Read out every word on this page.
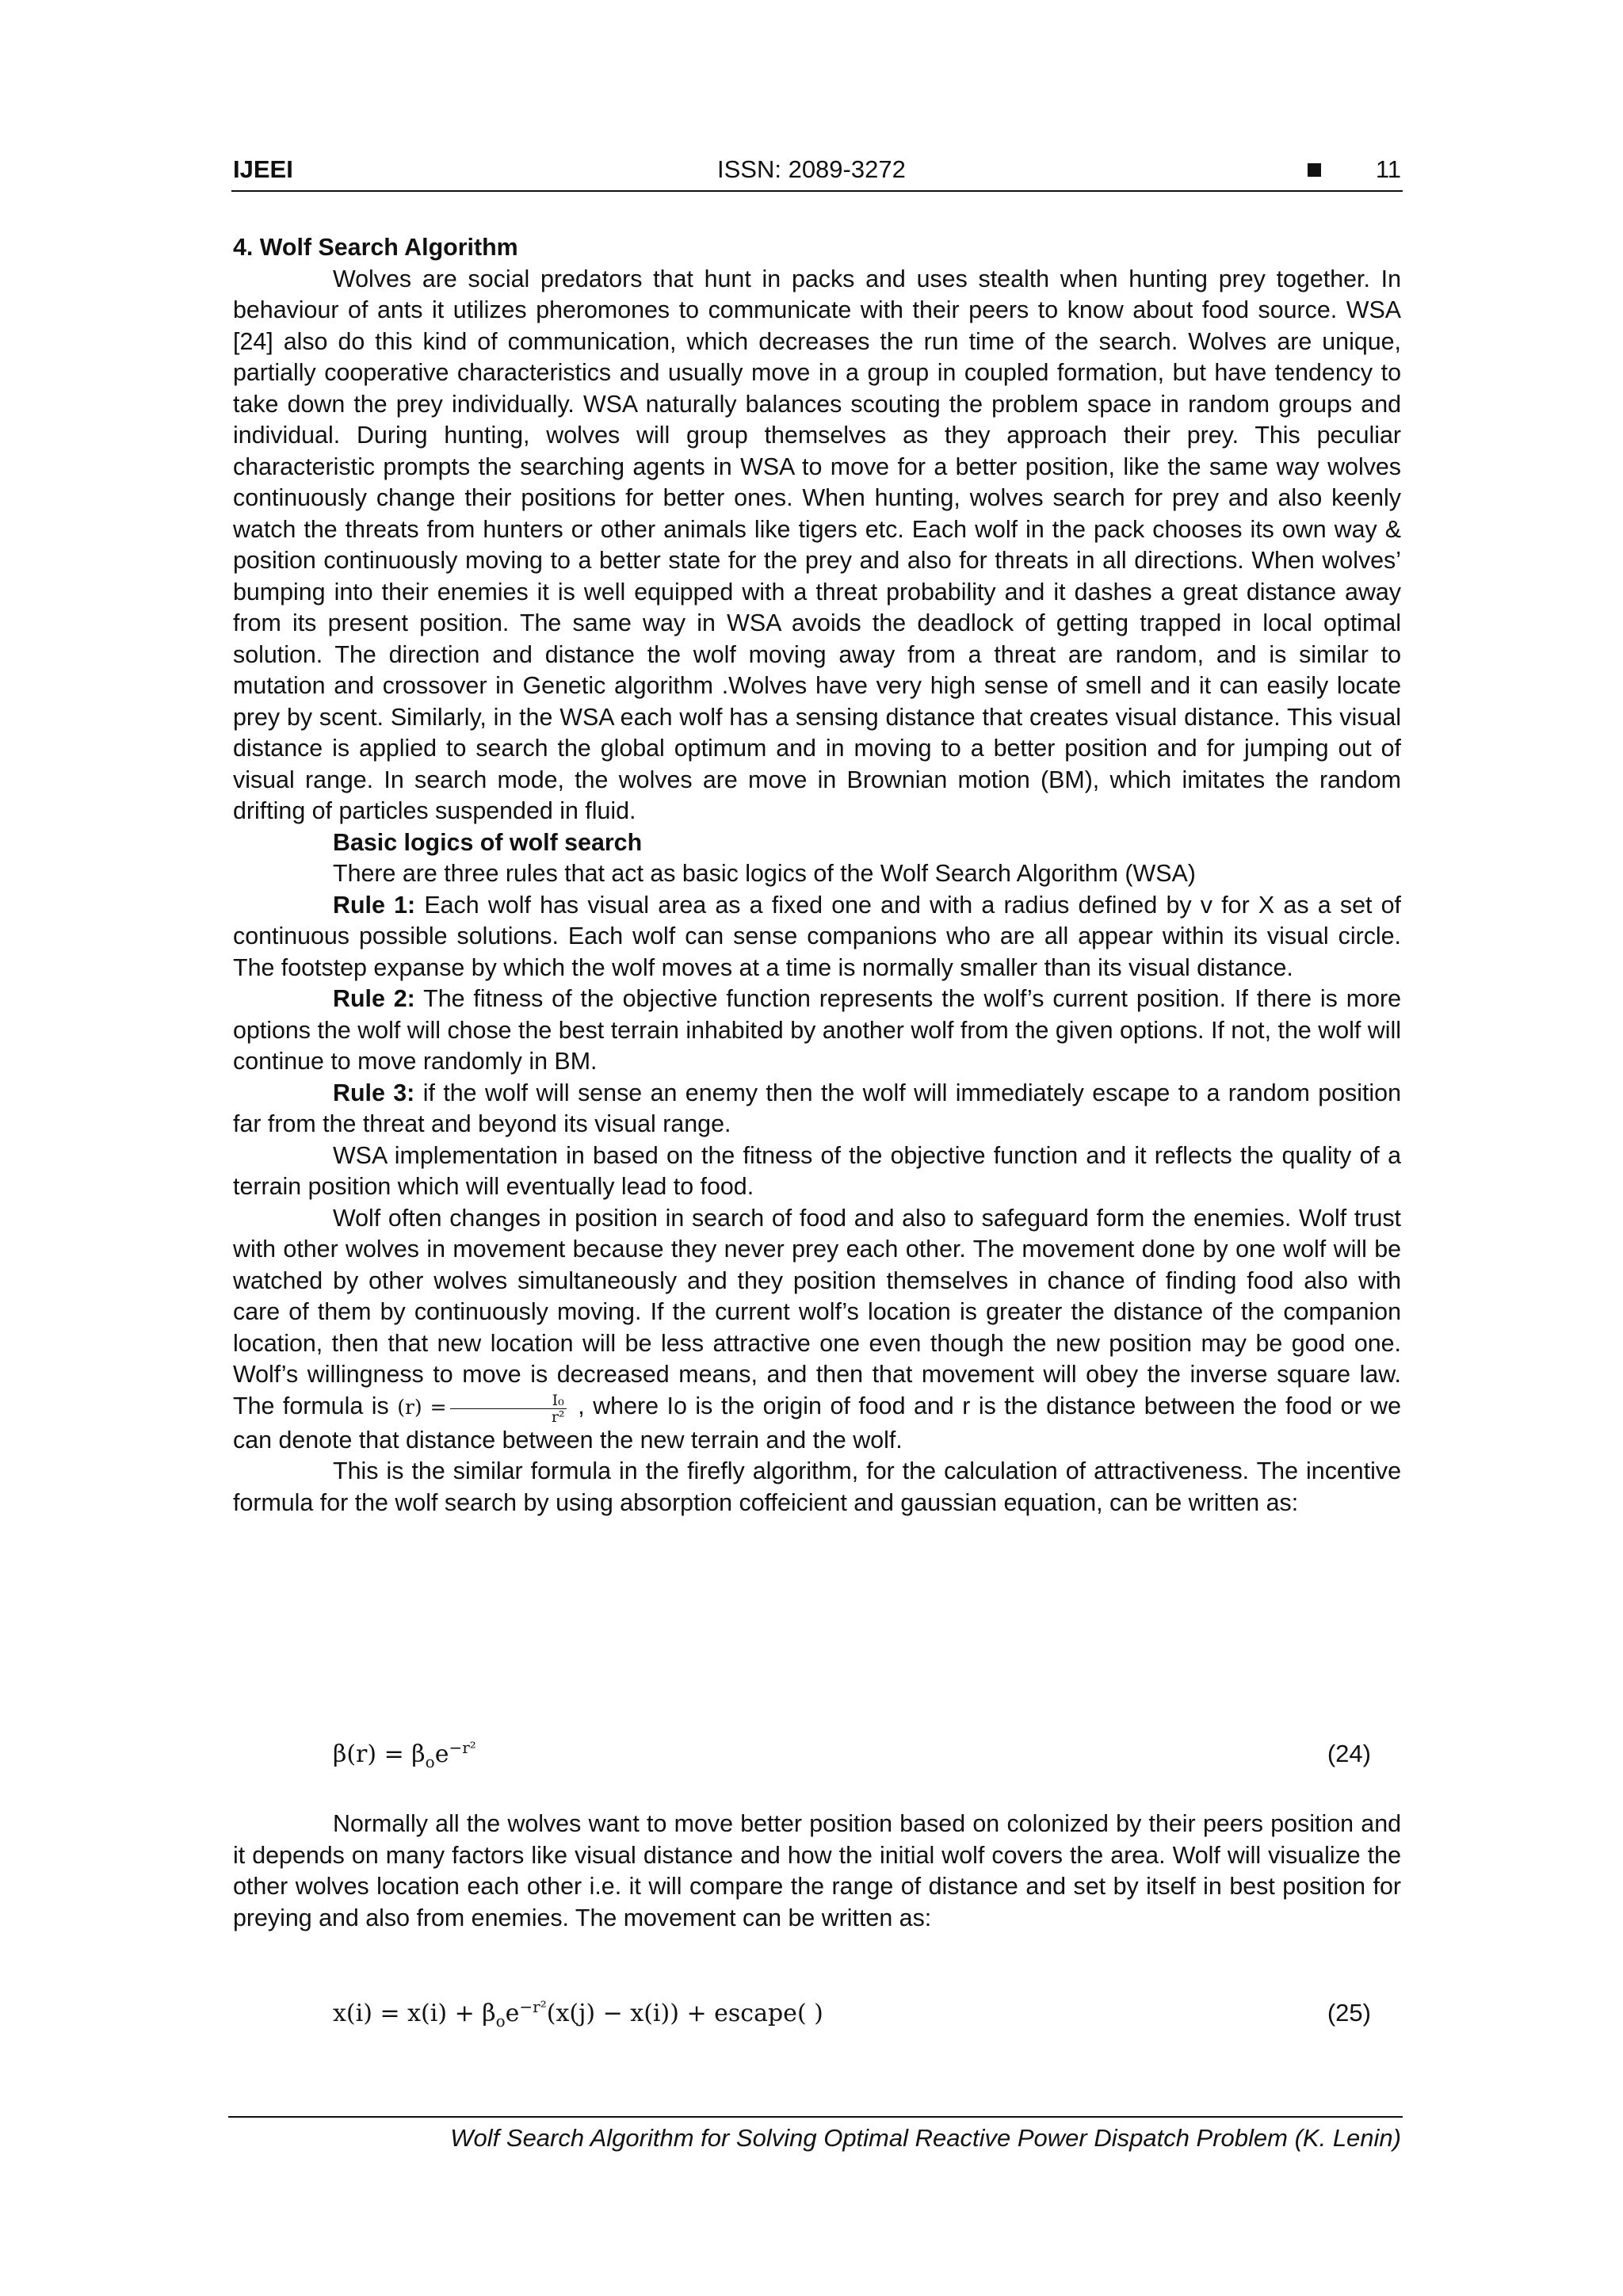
IJEEI	ISSN: 2089-3272	11

4. Wolf Search Algorithm

Wolves are social predators that hunt in packs and uses stealth when hunting prey together. In behaviour of ants it utilizes pheromones to communicate with their peers to know about food source. WSA [24] also do this kind of communication, which decreases the run time of the search. Wolves are unique, partially cooperative characteristics and usually move in a group in coupled formation, but have tendency to take down the prey individually. WSA naturally balances scouting the problem space in random groups and individual. During hunting, wolves will group themselves as they approach their prey. This peculiar characteristic prompts the searching agents in WSA to move for a better position, like the same way wolves continuously change their positions for better ones. When hunting, wolves search for prey and also keenly watch the threats from hunters or other animals like tigers etc. Each wolf in the pack chooses its own way & position continuously moving to a better state for the prey and also for threats in all directions. When wolves’ bumping into their enemies it is well equipped with a threat probability and it dashes a great distance away from its present position. The same way in WSA avoids the deadlock of getting trapped in local optimal solution. The direction and distance the wolf moving away from a threat are random, and is similar to mutation and crossover in Genetic algorithm .Wolves have very high sense of smell and it can easily locate prey by scent. Similarly, in the WSA each wolf has a sensing distance that creates visual distance. This visual distance is applied to search the global optimum and in moving to a better position and for jumping out of visual range. In search mode, the wolves are move in Brownian motion (BM), which imitates the random drifting of particles suspended in fluid.

Basic logics of wolf search

There are three rules that act as basic logics of the Wolf Search Algorithm (WSA)

Rule 1: Each wolf has visual area as a fixed one and with a radius defined by v for X as a set of continuous possible solutions. Each wolf can sense companions who are all appear within its visual circle. The footstep expanse by which the wolf moves at a time is normally smaller than its visual distance.

Rule 2: The fitness of the objective function represents the wolf’s current position. If there is more options the wolf will chose the best terrain inhabited by another wolf from the given options. If not, the wolf will continue to move randomly in BM.

Rule 3: if the wolf will sense an enemy then the wolf will immediately escape to a random position far from the threat and beyond its visual range.

WSA implementation in based on the fitness of the objective function and it reflects the quality of a terrain position which will eventually lead to food.

Wolf often changes in position in search of food and also to safeguard form the enemies. Wolf trust with other wolves in movement because they never prey each other. The movement done by one wolf will be watched by other wolves simultaneously and they position themselves in chance of finding food also with care of them by continuously moving. If the current wolf’s location is greater the distance of the companion location, then that new location will be less attractive one even though the new position may be good one. Wolf’s willingness to move is decreased means, and then that movement will obey the inverse square law. The formula is $(r) = \frac{\text{I₀}}{\text{r²}}$ , where Io is the origin of food and r is the distance between the food or we can denote that distance between the new terrain and the wolf.

This is the similar formula in the firefly algorithm, for the calculation of attractiveness. The incentive formula for the wolf search by using absorption coffeicient and gaussian equation, can be written as:

$\beta(r) = \beta_oe^{-r^2}$	(24)

Normally all the wolves want to move better position based on colonized by their peers position and it depends on many factors like visual distance and how the initial wolf covers the area. Wolf will visualize the other wolves location each other i.e. it will compare the range of distance and set by itself in best position for preying and also from enemies. The movement can be written as:

$x(i) = x(i) + \beta_oe^{-r^2}(x(j) - x(i))$ + escape( )	(25)
Wolf Search Algorithm for Solving Optimal Reactive Power Dispatch Problem (K. Lenin)
